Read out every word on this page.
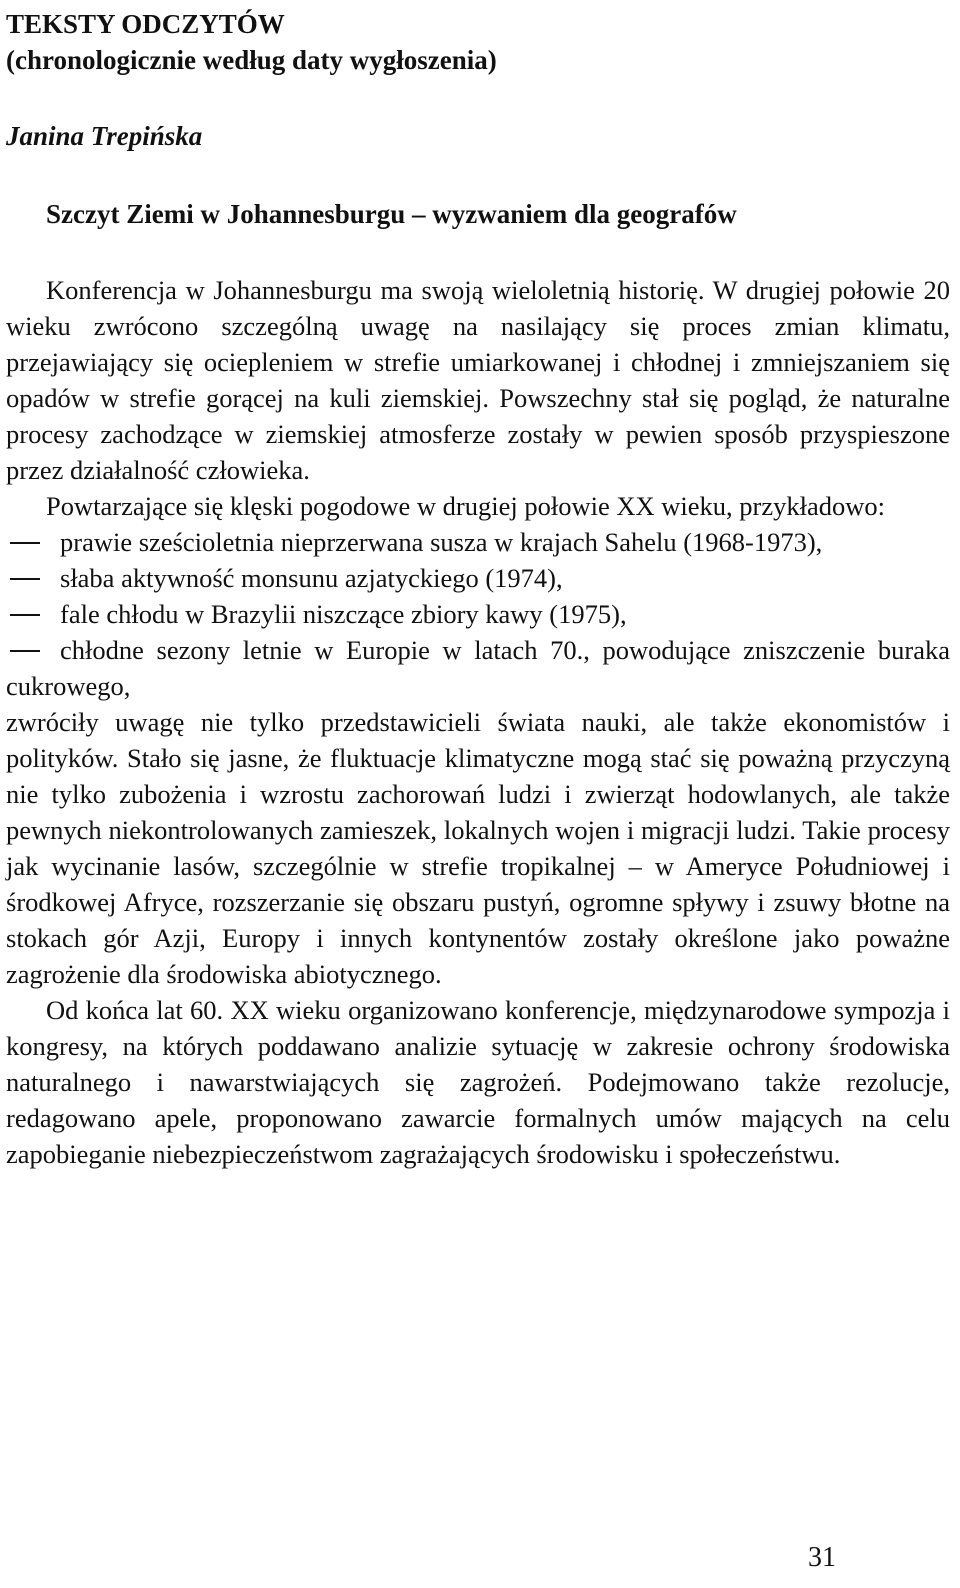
TEKSTY ODCZYTÓW
(chronologicznie według daty wygłoszenia)
Janina Trepińska
Szczyt Ziemi w Johannesburgu – wyzwaniem dla geografów

Konferencja w Johannesburgu ma swoją wieloletnią historię. W drugiej połowie 20 wieku zwrócono szczególną uwagę na nasilający się proces zmian klimatu, przejawiający się ociepleniem w strefie umiarkowanej i chłodnej i zmniejszaniem się opadów w strefie gorącej na kuli ziemskiej. Powszechny stał się pogląd, że naturalne procesy zachodzące w ziemskiej atmosferze zostały w pewien sposób przyspieszone przez działalność człowieka.

Powtarzające się klęski pogodowe w drugiej połowie XX wieku, przykładowo:

prawie sześcioletnia nieprzerwana susza w krajach Sahelu (1968-1973),
słaba aktywność monsunu azjatyckiego (1974),
fale chłodu w Brazylii niszczące zbiory kawy (1975),
chłodne sezony letnie w Europie w latach 70., powodujące zniszczenie buraka cukrowego,

zwróciły uwagę nie tylko przedstawicieli świata nauki, ale także ekonomistów i polityków. Stało się jasne, że fluktuacje klimatyczne mogą stać się poważną przyczyną nie tylko zubożenia i wzrostu zachorowań ludzi i zwierząt hodowlanych, ale także pewnych niekontrolowanych zamieszek, lokalnych wojen i migracji ludzi. Takie procesy jak wycinanie lasów, szczególnie w strefie tropikalnej – w Ameryce Południowej i środkowej Afryce, rozszerzanie się obszaru pustyń, ogromne spływy i zsuwy błotne na stokach gór Azji, Europy i innych kontynentów zostały określone jako poważne zagrożenie dla środowiska abiotycznego.

Od końca lat 60. XX wieku organizowano konferencje, międzynarodowe sympozja i kongresy, na których poddawano analizie sytuację w zakresie ochrony środowiska naturalnego i nawarstwiających się zagrożeń. Podejmowano także rezolucje, redagowano apele, proponowano zawarcie formalnych umów mających na celu zapobieganie niebezpieczeństwom zagrażających środowisku i społeczeństwu.

31
